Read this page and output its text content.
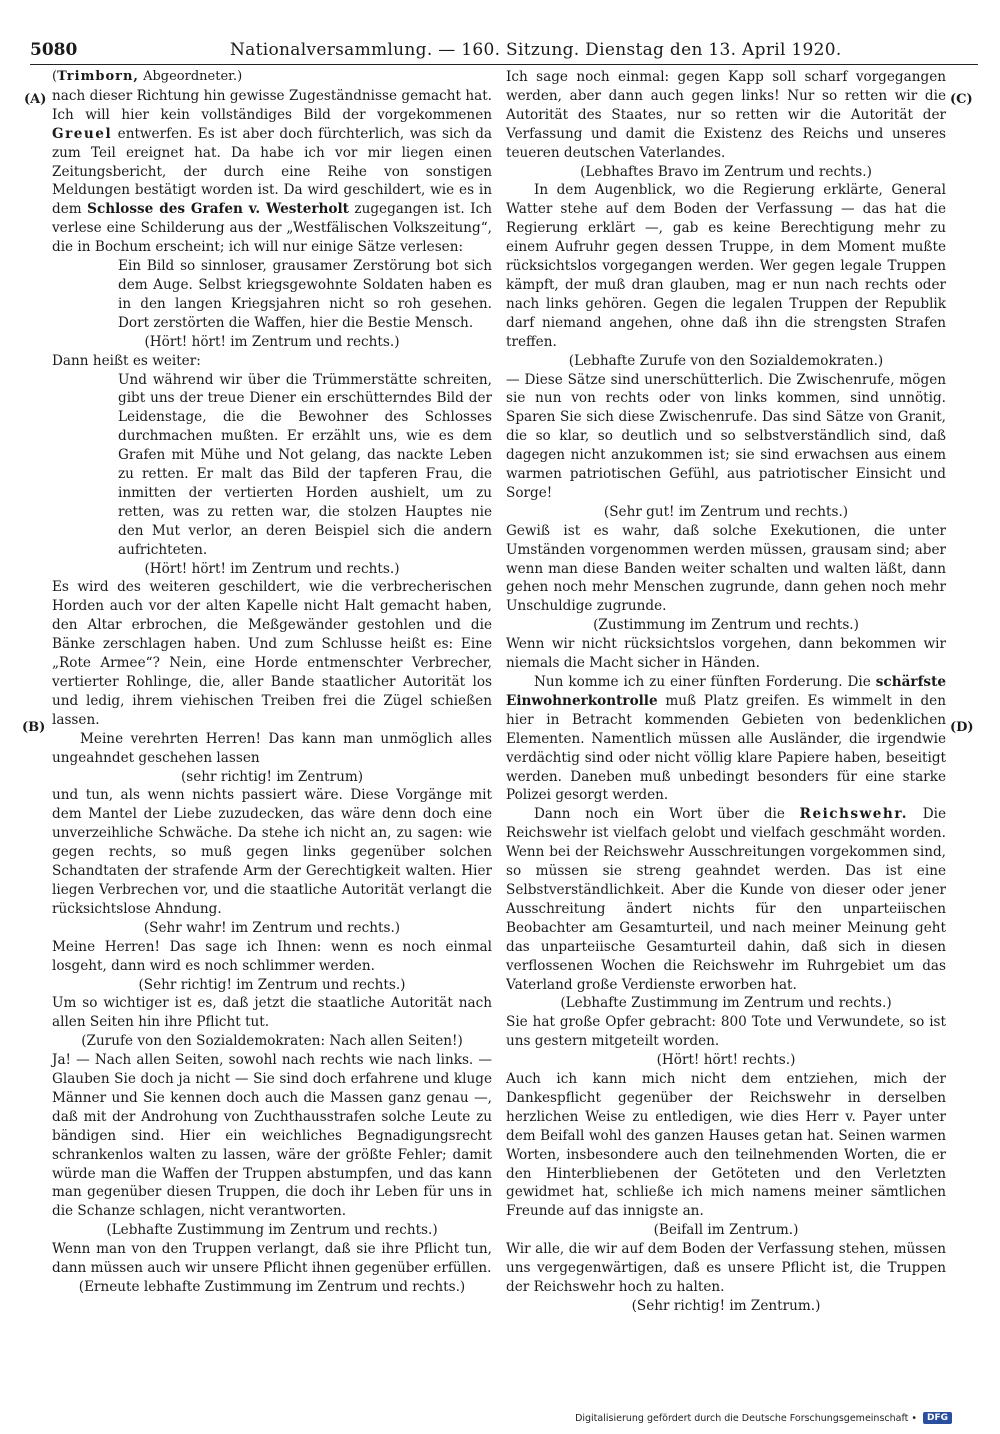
5080	Nationalversammlung. — 160. Sitzung. Dienstag den 13. April 1920.
(A)
(B)
(C)
(D)

(Trimborn, Abgeordneter.)

nach dieser Richtung hin gewisse Zugeständnisse gemacht hat. Ich will hier kein vollständiges Bild der vorgekommenen Greuel entwerfen. Es ist aber doch fürchterlich, was sich da zum Teil ereignet hat. Da habe ich vor mir liegen einen Zeitungsbericht, der durch eine Reihe von sonstigen Meldungen bestätigt worden ist. Da wird geschildert, wie es in dem Schlosse des Grafen v. Westerholt zugegangen ist. Ich verlese eine Schilderung aus der „Westfälischen Volkszeitung“, die in Bochum erscheint; ich will nur einige Sätze verlesen:

Ein Bild so sinnloser, grausamer Zerstörung bot sich dem Auge. Selbst kriegsgewohnte Soldaten haben es in den langen Kriegsjahren nicht so roh gesehen. Dort zerstörten die Waffen, hier die Bestie Mensch.

(Hört! hört! im Zentrum und rechts.)

Dann heißt es weiter:

Und während wir über die Trümmerstätte schreiten, gibt uns der treue Diener ein erschütterndes Bild der Leidenstage, die die Bewohner des Schlosses durchmachen mußten. Er erzählt uns, wie es dem Grafen mit Mühe und Not gelang, das nackte Leben zu retten. Er malt das Bild der tapferen Frau, die inmitten der vertierten Horden aushielt, um zu retten, was zu retten war, die stolzen Hauptes nie den Mut verlor, an deren Beispiel sich die andern aufrichteten.

(Hört! hört! im Zentrum und rechts.)

Es wird des weiteren geschildert, wie die verbrecherischen Horden auch vor der alten Kapelle nicht Halt gemacht haben, den Altar erbrochen, die Meßgewänder gestohlen und die Bänke zerschlagen haben. Und zum Schlusse heißt es: Eine „Rote Armee“? Nein, eine Horde entmenschter Verbrecher, vertierter Rohlinge, die, aller Bande staatlicher Autorität los und ledig, ihrem viehischen Treiben frei die Zügel schießen lassen.

Meine verehrten Herren! Das kann man unmöglich alles ungeahndet geschehen lassen

(sehr richtig! im Zentrum)

und tun, als wenn nichts passiert wäre. Diese Vorgänge mit dem Mantel der Liebe zuzudecken, das wäre denn doch eine unverzeihliche Schwäche. Da stehe ich nicht an, zu sagen: wie gegen rechts, so muß gegen links gegenüber solchen Schandtaten der strafende Arm der Gerechtigkeit walten. Hier liegen Verbrechen vor, und die staatliche Autorität verlangt die rücksichtslose Ahndung.

(Sehr wahr! im Zentrum und rechts.)

Meine Herren! Das sage ich Ihnen: wenn es noch einmal losgeht, dann wird es noch schlimmer werden.

(Sehr richtig! im Zentrum und rechts.)

Um so wichtiger ist es, daß jetzt die staatliche Autorität nach allen Seiten hin ihre Pflicht tut.

(Zurufe von den Sozialdemokraten: Nach allen Seiten!)

Ja! — Nach allen Seiten, sowohl nach rechts wie nach links. — Glauben Sie doch ja nicht — Sie sind doch erfahrene und kluge Männer und Sie kennen doch auch die Massen ganz genau —, daß mit der Androhung von Zuchthausstrafen solche Leute zu bändigen sind. Hier ein weichliches Begnadigungsrecht schrankenlos walten zu lassen, wäre der größte Fehler; damit würde man die Waffen der Truppen abstumpfen, und das kann man gegenüber diesen Truppen, die doch ihr Leben für uns in die Schanze schlagen, nicht verantworten.

(Lebhafte Zustimmung im Zentrum und rechts.)

Wenn man von den Truppen verlangt, daß sie ihre Pflicht tun, dann müssen auch wir unsere Pflicht ihnen gegenüber erfüllen.

(Erneute lebhafte Zustimmung im Zentrum und rechts.)

Ich sage noch einmal: gegen Kapp soll scharf vorgegangen werden, aber dann auch gegen links! Nur so retten wir die Autorität des Staates, nur so retten wir die Autorität der Verfassung und damit die Existenz des Reichs und unseres teueren deutschen Vaterlandes.

(Lebhaftes Bravo im Zentrum und rechts.)

In dem Augenblick, wo die Regierung erklärte, General Watter stehe auf dem Boden der Verfassung — das hat die Regierung erklärt —, gab es keine Berechtigung mehr zu einem Aufruhr gegen dessen Truppe, in dem Moment mußte rücksichtslos vorgegangen werden. Wer gegen legale Truppen kämpft, der muß dran glauben, mag er nun nach rechts oder nach links gehören. Gegen die legalen Truppen der Republik darf niemand angehen, ohne daß ihn die strengsten Strafen treffen.

(Lebhafte Zurufe von den Sozialdemokraten.)

— Diese Sätze sind unerschütterlich. Die Zwischenrufe, mögen sie nun von rechts oder von links kommen, sind unnötig. Sparen Sie sich diese Zwischenrufe. Das sind Sätze von Granit, die so klar, so deutlich und so selbstverständlich sind, daß dagegen nicht anzukommen ist; sie sind erwachsen aus einem warmen patriotischen Gefühl, aus patriotischer Einsicht und Sorge!

(Sehr gut! im Zentrum und rechts.)

Gewiß ist es wahr, daß solche Exekutionen, die unter Umständen vorgenommen werden müssen, grausam sind; aber wenn man diese Banden weiter schalten und walten läßt, dann gehen noch mehr Menschen zugrunde, dann gehen noch mehr Unschuldige zugrunde.

(Zustimmung im Zentrum und rechts.)

Wenn wir nicht rücksichtslos vorgehen, dann bekommen wir niemals die Macht sicher in Händen.

Nun komme ich zu einer fünften Forderung. Die schärfste Einwohnerkontrolle muß Platz greifen. Es wimmelt in den hier in Betracht kommenden Gebieten von bedenklichen Elementen. Namentlich müssen alle Ausländer, die irgendwie verdächtig sind oder nicht völlig klare Papiere haben, beseitigt werden. Daneben muß unbedingt besonders für eine starke Polizei gesorgt werden.

Dann noch ein Wort über die Reichswehr. Die Reichswehr ist vielfach gelobt und vielfach geschmäht worden. Wenn bei der Reichswehr Ausschreitungen vorgekommen sind, so müssen sie streng geahndet werden. Das ist eine Selbstverständlichkeit. Aber die Kunde von dieser oder jener Ausschreitung ändert nichts für den unparteiischen Beobachter am Gesamturteil, und nach meiner Meinung geht das unparteiische Gesamturteil dahin, daß sich in diesen verflossenen Wochen die Reichswehr im Ruhrgebiet um das Vaterland große Verdienste erworben hat.

(Lebhafte Zustimmung im Zentrum und rechts.)

Sie hat große Opfer gebracht: 800 Tote und Verwundete, so ist uns gestern mitgeteilt worden.

(Hört! hört! rechts.)

Auch ich kann mich nicht dem entziehen, mich der Dankespflicht gegenüber der Reichswehr in derselben herzlichen Weise zu entledigen, wie dies Herr v. Payer unter dem Beifall wohl des ganzen Hauses getan hat. Seinen warmen Worten, insbesondere auch den teilnehmenden Worten, die er den Hinterbliebenen der Getöteten und den Verletzten gewidmet hat, schließe ich mich namens meiner sämtlichen Freunde auf das innigste an.

(Beifall im Zentrum.)

Wir alle, die wir auf dem Boden der Verfassung stehen, müssen uns vergegenwärtigen, daß es unsere Pflicht ist, die Truppen der Reichswehr hoch zu halten.

(Sehr richtig! im Zentrum.)

Digitalisierung gefördert durch die Deutsche Forschungsgemeinschaft •	DFG
